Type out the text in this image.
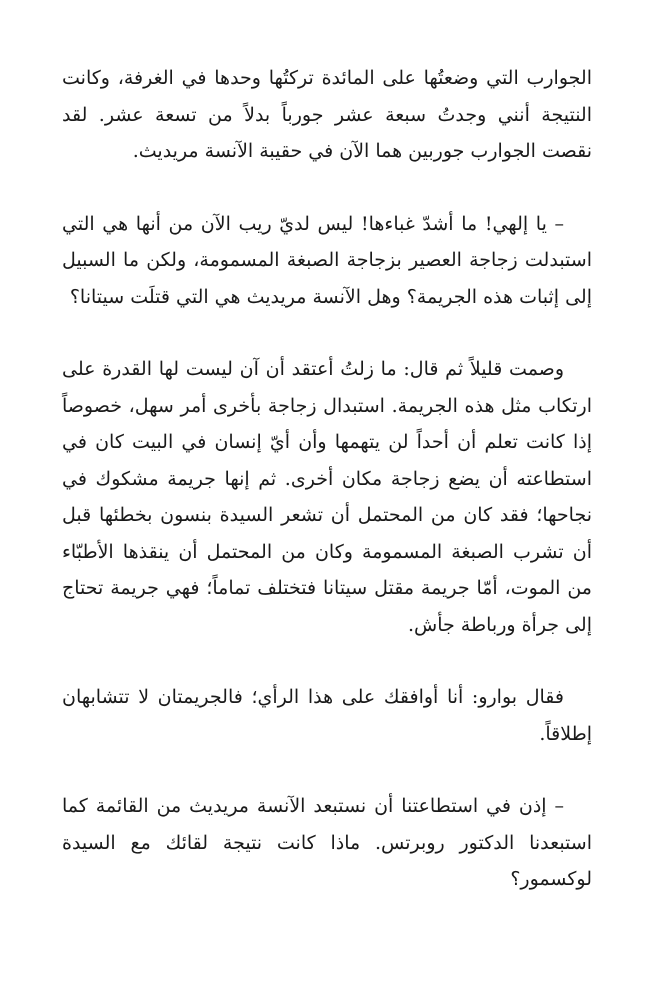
الجوارب التي وضعتُها على المائدة تركتُها وحدها في الغرفة، وكانت النتيجة أنني وجدتُ سبعة عشر جورباً بدلاً من تسعة عشر. لقد نقصت الجوارب جوربين هما الآن في حقيبة الآنسة مريديث.

– يا إلهي! ما أشدّ غباءها! ليس لديّ ريب الآن من أنها هي التي استبدلت زجاجة العصير بزجاجة الصبغة المسمومة، ولكن ما السبيل إلى إثبات هذه الجريمة؟ وهل الآنسة مريديث هي التي قتلَت سيتانا؟

وصمت قليلاً ثم قال: ما زلتُ أعتقد أن آن ليست لها القدرة على ارتكاب مثل هذه الجريمة. استبدال زجاجة بأخرى أمر سهل، خصوصاً إذا كانت تعلم أن أحداً لن يتهمها وأن أيّ إنسان في البيت كان في استطاعته أن يضع زجاجة مكان أخرى. ثم إنها جريمة مشكوك في نجاحها؛ فقد كان من المحتمل أن تشعر السيدة بنسون بخطئها قبل أن تشرب الصبغة المسمومة وكان من المحتمل أن ينقذها الأطبّاء من الموت، أمّا جريمة مقتل سيتانا فتختلف تماماً؛ فهي جريمة تحتاج إلى جرأة ورباطة جأش.

فقال بوارو: أنا أوافقك على هذا الرأي؛ فالجريمتان لا تتشابهان إطلاقاً.

– إذن في استطاعتنا أن نستبعد الآنسة مريديث من القائمة كما استبعدنا الدكتور روبرتس. ماذا كانت نتيجة لقائك مع السيدة لوكسمور؟
